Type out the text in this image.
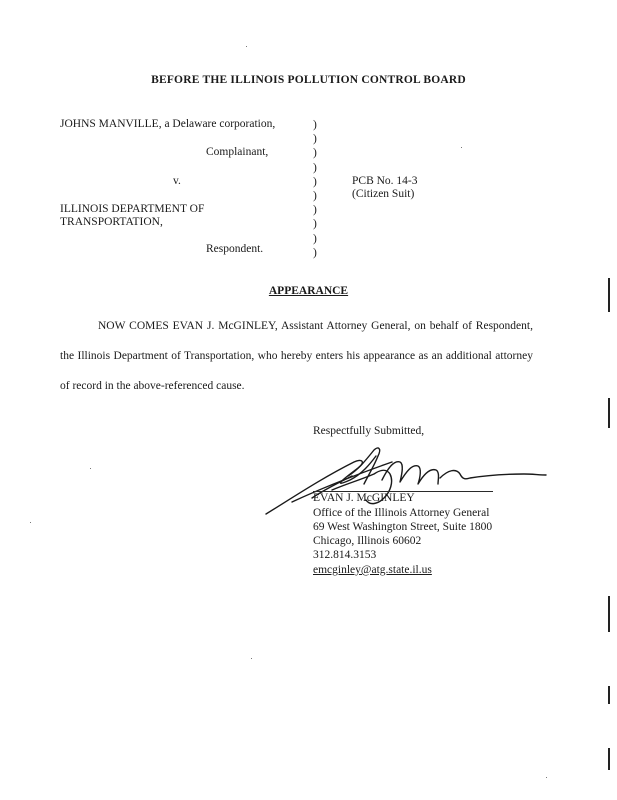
BEFORE THE ILLINOIS POLLUTION CONTROL BOARD
JOHNS MANVILLE, a Delaware corporation,
Complainant,
v.
ILLINOIS DEPARTMENT OF
TRANSPORTATION,
Respondent.
)
)
)
)
)
)
)
)
)
)
PCB No. 14-3
(Citizen Suit)
APPEARANCE
NOW COMES EVAN J. McGINLEY, Assistant Attorney General, on behalf of Respondent, the Illinois Department of Transportation, who hereby enters his appearance as an additional attorney of record in the above-referenced cause.
Respectfully Submitted,
EVAN J. McGINLEY
Office of the Illinois Attorney General
69 West Washington Street, Suite 1800
Chicago, Illinois 60602
312.814.3153
emcginley@atg.state.il.us
